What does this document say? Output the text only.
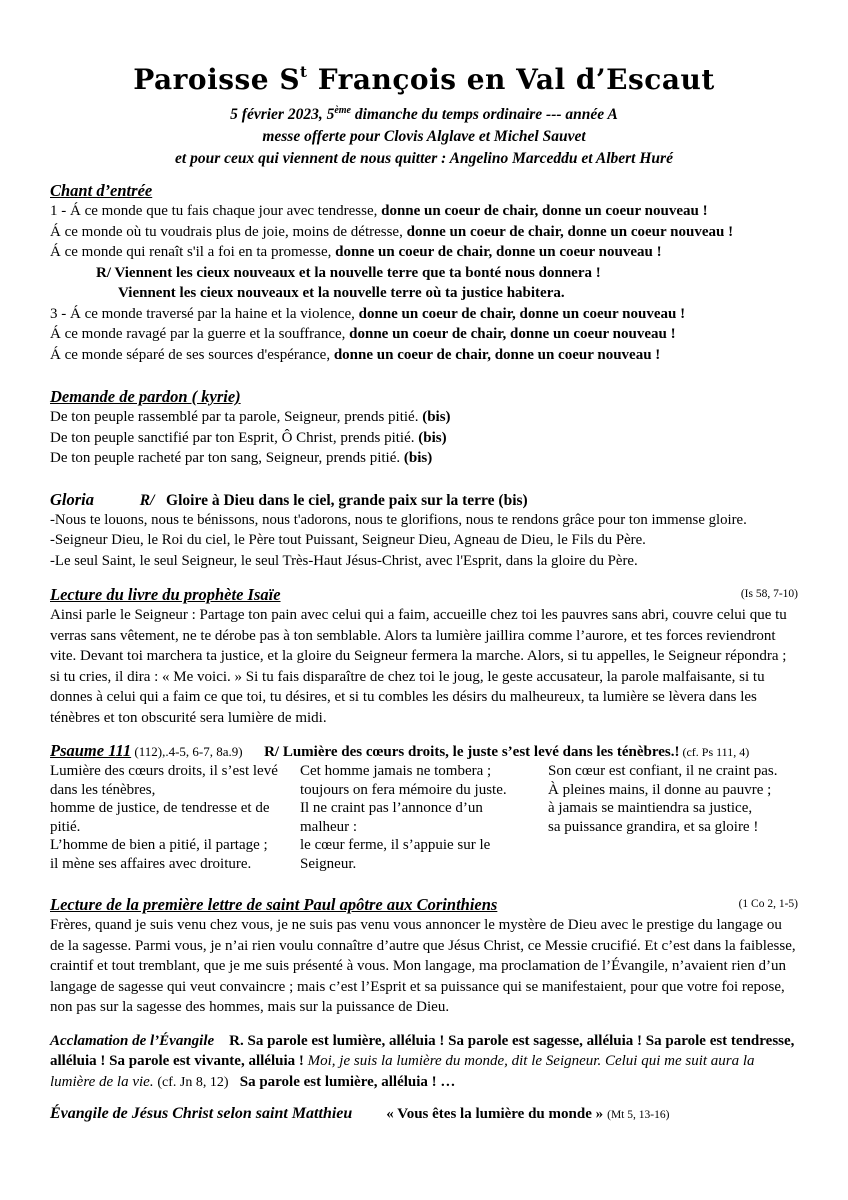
Paroisse $S^t$ François en Val d’Escaut
5 février 2023, 5ème dimanche du temps ordinaire --- année A
messe offerte pour Clovis Alglave et Michel Sauvet
et pour ceux qui viennent de nous quitter : Angelino Marceddu et Albert Huré
Chant d’entrée
1 - Á ce monde que tu fais chaque jour avec tendresse, donne un coeur de chair, donne un coeur nouveau !
Á ce monde où tu voudrais plus de joie, moins de détresse, donne un coeur de chair, donne un coeur nouveau !
Á ce monde qui renaît s'il a foi en ta promesse, donne un coeur de chair, donne un coeur nouveau !
R/ Viennent les cieux nouveaux et la nouvelle terre que ta bonté nous donnera !
Viennent les cieux nouveaux et la nouvelle terre où ta justice habitera.
3 - Á ce monde traversé par la haine et la violence, donne un coeur de chair, donne un coeur nouveau !
Á ce monde ravagé par la guerre et la souffrance, donne un coeur de chair, donne un coeur nouveau !
Á ce monde séparé de ses sources d'espérance, donne un coeur de chair, donne un coeur nouveau !
Demande de pardon ( kyrie)
De ton peuple rassemblé par ta parole, Seigneur, prends pitié. (bis)
De ton peuple sanctifié par ton Esprit, Ô Christ, prends pitié. (bis)
De ton peuple racheté par ton sang, Seigneur, prends pitié. (bis)
Gloria	R/ Gloire à Dieu dans le ciel, grande paix sur la terre (bis)
-Nous te louons, nous te bénissons, nous t'adorons, nous te glorifions, nous te rendons grâce pour ton immense gloire.
-Seigneur Dieu, le Roi du ciel, le Père tout Puissant, Seigneur Dieu, Agneau de Dieu, le Fils du Père.
-Le seul Saint, le seul Seigneur, le seul Très-Haut Jésus-Christ, avec l'Esprit, dans la gloire du Père.
Lecture du livre du prophète Isaïe	(Is 58, 7-10)
Ainsi parle le Seigneur : Partage ton pain avec celui qui a faim, accueille chez toi les pauvres sans abri, couvre celui que tu verras sans vêtement, ne te dérobe pas à ton semblable. Alors ta lumière jaillira comme l’aurore, et tes forces reviendront vite. Devant toi marchera ta justice, et la gloire du Seigneur fermera la marche. Alors, si tu appelles, le Seigneur répondra ; si tu cries, il dira : « Me voici. » Si tu fais disparaître de chez toi le joug, le geste accusateur, la parole malfaisante, si tu donnes à celui qui a faim ce que toi, tu désires, et si tu combles les désirs du malheureux, ta lumière se lèvera dans les ténèbres et ton obscurité sera lumière de midi.
Psaume 111 (112),.4-5, 6-7, 8a.9) R/ Lumière des cœurs droits, le juste s’est levé dans les ténèbres.! (cf. Ps 111, 4)
Lumière des cœurs droits, il s’est levé dans les ténèbres,
homme de justice, de tendresse et de pitié.
L’homme de bien a pitié, il partage ;
il mène ses affaires avec droiture.
Cet homme jamais ne tombera ;
toujours on fera mémoire du juste.
Il ne craint pas l’annonce d’un malheur :
le cœur ferme, il s’appuie sur le Seigneur.
Son cœur est confiant, il ne craint pas.
À pleines mains, il donne au pauvre ;
à jamais se maintiendra sa justice,
sa puissance grandira, et sa gloire !
Lecture de la première lettre de saint Paul apôtre aux Corinthiens	(1 Co 2, 1-5)
Frères, quand je suis venu chez vous, je ne suis pas venu vous annoncer le mystère de Dieu avec le prestige du langage ou de la sagesse. Parmi vous, je n’ai rien voulu connaître d’autre que Jésus Christ, ce Messie crucifié. Et c’est dans la faiblesse, craintif et tout tremblant, que je me suis présenté à vous. Mon langage, ma proclamation de l’Évangile, n’avaient rien d’un langage de sagesse qui veut convaincre ; mais c’est l’Esprit et sa puissance qui se manifestaient, pour que votre foi repose, non pas sur la sagesse des hommes, mais sur la puissance de Dieu.
Acclamation de l’Évangile R. Sa parole est lumière, alléluia ! Sa parole est sagesse, alléluia ! Sa parole est tendresse, alléluia ! Sa parole est vivante, alléluia ! Moi, je suis la lumière du monde, dit le Seigneur. Celui qui me suit aura la lumière de la vie. (cf. Jn 8, 12) Sa parole est lumière, alléluia ! …
Évangile de Jésus Christ selon saint Matthieu « Vous êtes la lumière du monde » (Mt 5, 13-16)
